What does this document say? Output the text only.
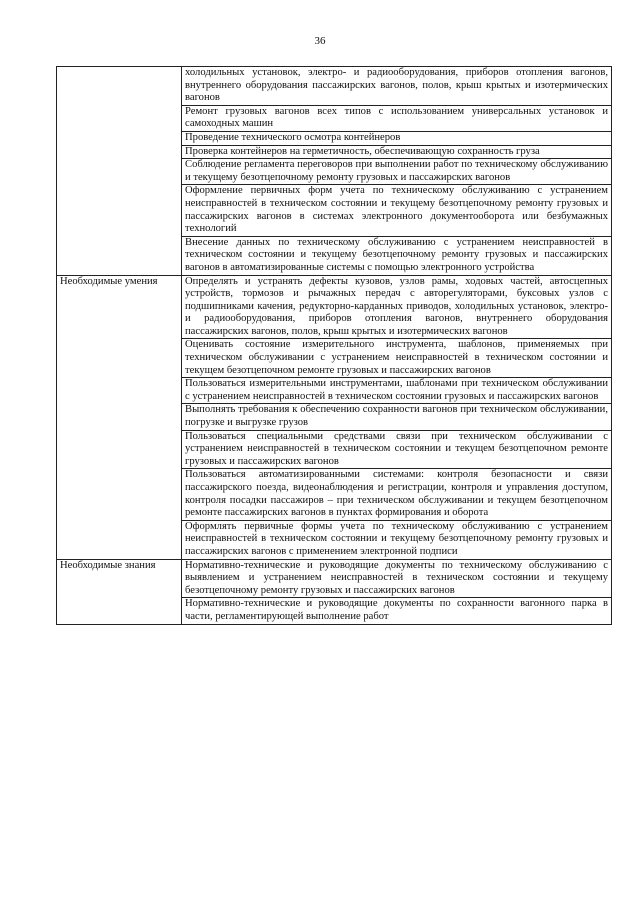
36
	холодильных установок, электро- и радиооборудования, приборов отопления вагонов, внутреннего оборудования пассажирских вагонов, полов, крыш крытых и изотермических вагонов
	Ремонт грузовых вагонов всех типов с использованием универсальных установок и самоходных машин
	Проведение технического осмотра контейнеров
	Проверка контейнеров на герметичность, обеспечивающую сохранность груза
	Соблюдение регламента переговоров при выполнении работ по техническому обслуживанию и текущему безотцепочному ремонту грузовых и пассажирских вагонов
	Оформление первичных форм учета по техническому обслуживанию с устранением неисправностей в техническом состоянии и текущему безотцепочному ремонту грузовых и пассажирских вагонов в системах электронного документооборота или безбумажных технологий
	Внесение данных по техническому обслуживанию с устранением неисправностей в техническом состоянии и текущему безотцепочному ремонту грузовых и пассажирских вагонов в автоматизированные системы с помощью электронного устройства
Необходимые умения	Определять и устранять дефекты кузовов, узлов рамы, ходовых частей, автосцепных устройств, тормозов и рычажных передач с авторегуляторами, буксовых узлов с подшипниками качения, редукторно-карданных приводов, холодильных установок, электро- и радиооборудования, приборов отопления вагонов, внутреннего оборудования пассажирских вагонов, полов, крыш крытых и изотермических вагонов
	Оценивать состояние измерительного инструмента, шаблонов, применяемых при техническом обслуживании с устранением неисправностей в техническом состоянии и текущем безотцепочном ремонте грузовых и пассажирских вагонов
	Пользоваться измерительными инструментами, шаблонами при техническом обслуживании с устранением неисправностей в техническом состоянии грузовых и пассажирских вагонов
	Выполнять требования к обеспечению сохранности вагонов при техническом обслуживании, погрузке и выгрузке грузов
	Пользоваться специальными средствами связи при техническом обслуживании с устранением неисправностей в техническом состоянии и текущем безотцепочном ремонте грузовых и пассажирских вагонов
	Пользоваться автоматизированными системами: контроля безопасности и связи пассажирского поезда, видеонаблюдения и регистрации, контроля и управления доступом, контроля посадки пассажиров – при техническом обслуживании и текущем безотцепочном ремонте пассажирских вагонов в пунктах формирования и оборота
	Оформлять первичные формы учета по техническому обслуживанию с устранением неисправностей в техническом состоянии и текущему безотцепочному ремонту грузовых и пассажирских вагонов с применением электронной подписи
Необходимые знания	Нормативно-технические и руководящие документы по техническому обслуживанию с выявлением и устранением неисправностей в техническом состоянии и текущему безотцепочному ремонту грузовых и пассажирских вагонов
	Нормативно-технические и руководящие документы по сохранности вагонного парка в части, регламентирующей выполнение работ
